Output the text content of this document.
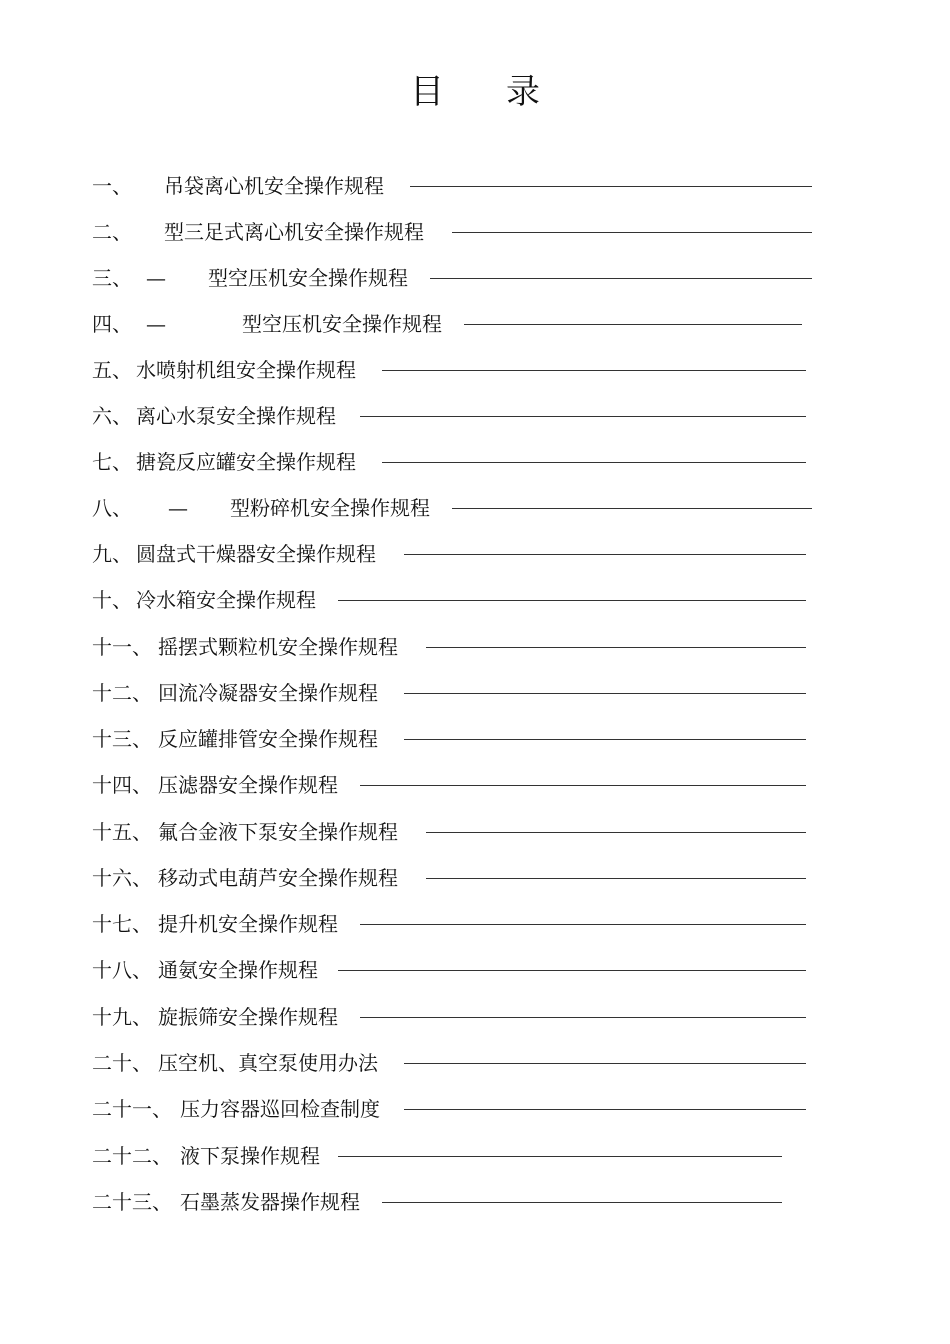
目 录
一、 吊袋离心机安全操作规程
二、 型三足式离心机安全操作规程
三、 — 型空压机安全操作规程
四、 —	型空压机安全操作规程
五、 水喷射机组安全操作规程
六、 离心水泵安全操作规程
七、 搪瓷反应罐安全操作规程
八、 — 型粉碎机安全操作规程
九、 圆盘式干燥器安全操作规程
十、 冷水箱安全操作规程
十一、 摇摆式颗粒机安全操作规程
十二、 回流冷凝器安全操作规程
十三、 反应罐排管安全操作规程
十四、 压滤器安全操作规程
十五、 氟合金液下泵安全操作规程
十六、 移动式电葫芦安全操作规程
十七、 提升机安全操作规程
十八、 通氨安全操作规程
十九、 旋振筛安全操作规程
二十、 压空机、真空泵使用办法
二十一、 压力容器巡回检查制度
二十二、 液下泵操作规程
二十三、 石墨蒸发器操作规程
